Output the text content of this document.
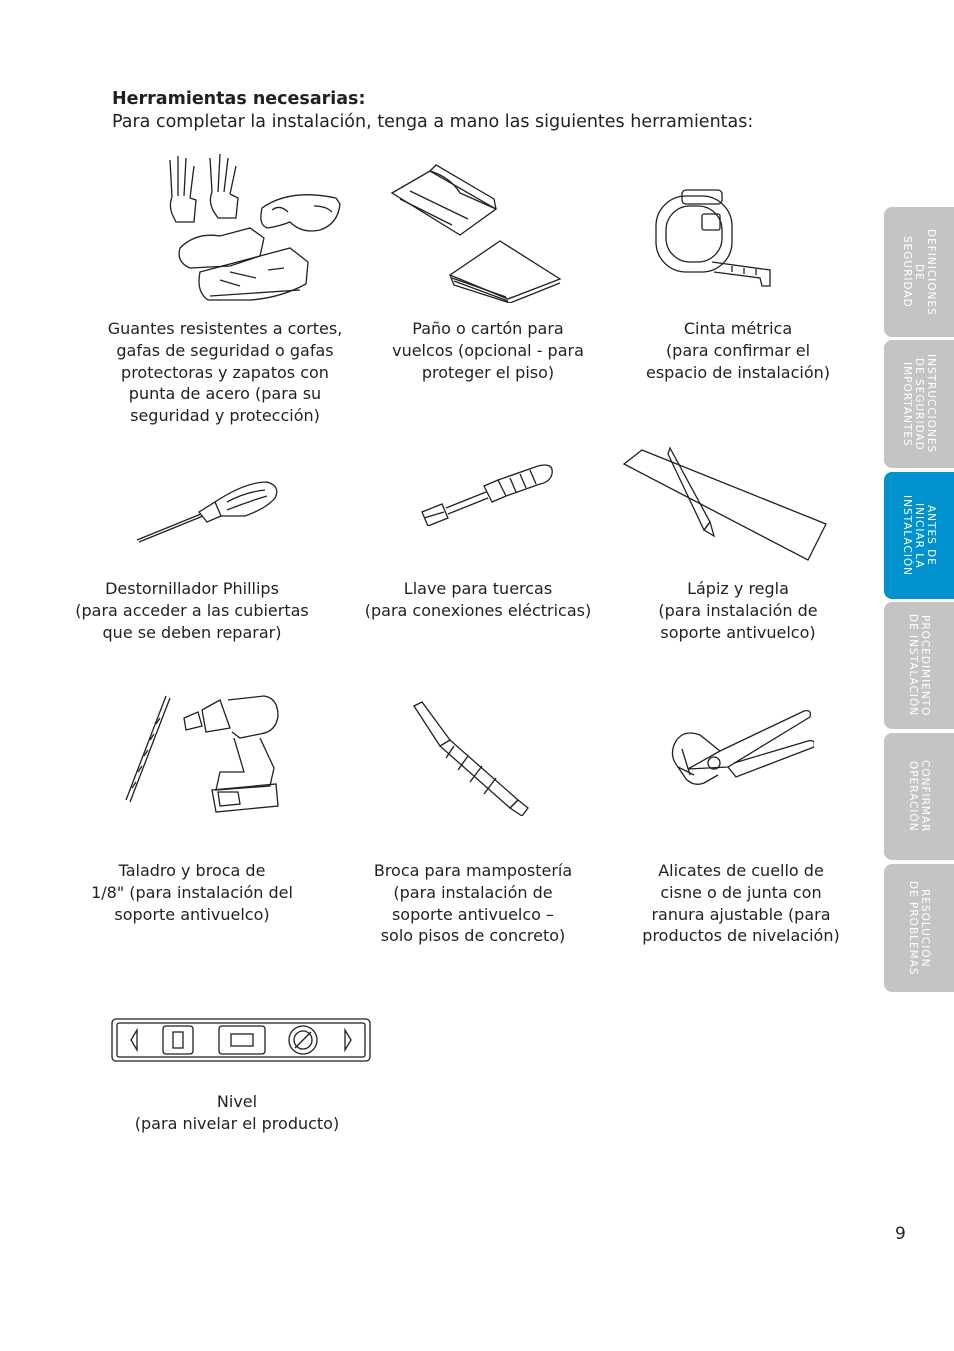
Herramientas necesarias:
Para completar la instalación, tenga a mano las siguientes herramientas:
Guantes resistentes a cortes,
gafas de seguridad o gafas
protectoras y zapatos con
punta de acero (para su
seguridad y protección)
Paño o cartón para
vuelcos (opcional - para
proteger el piso)
Cinta métrica
(para confirmar el
espacio de instalación)
Destornillador Phillips
(para acceder a las cubiertas
que se deben reparar)
Llave para tuercas
(para conexiones eléctricas)
Lápiz y regla
(para instalación de
soporte antivuelco)
Taladro y broca de
1/8" (para instalación del
soporte antivuelco)
Broca para mampostería
(para instalación de
soporte antivuelco –
solo pisos de concreto)
Alicates de cuello de
cisne o de junta con
ranura ajustable (para
productos de nivelación)
Nivel
(para nivelar el producto)
DEFINICIONES
DE
SEGURIDAD
INSTRUCCIONES
DE SEGURIDAD
IMPORTANTES
ANTES DE
INICIAR LA
INSTALACIÓN
PROCEDIMIENTO
DE INSTALACIÓN
CONFIRMAR
OPERACIÓN
RESOLUCIÓN
DE PROBLEMAS
9
